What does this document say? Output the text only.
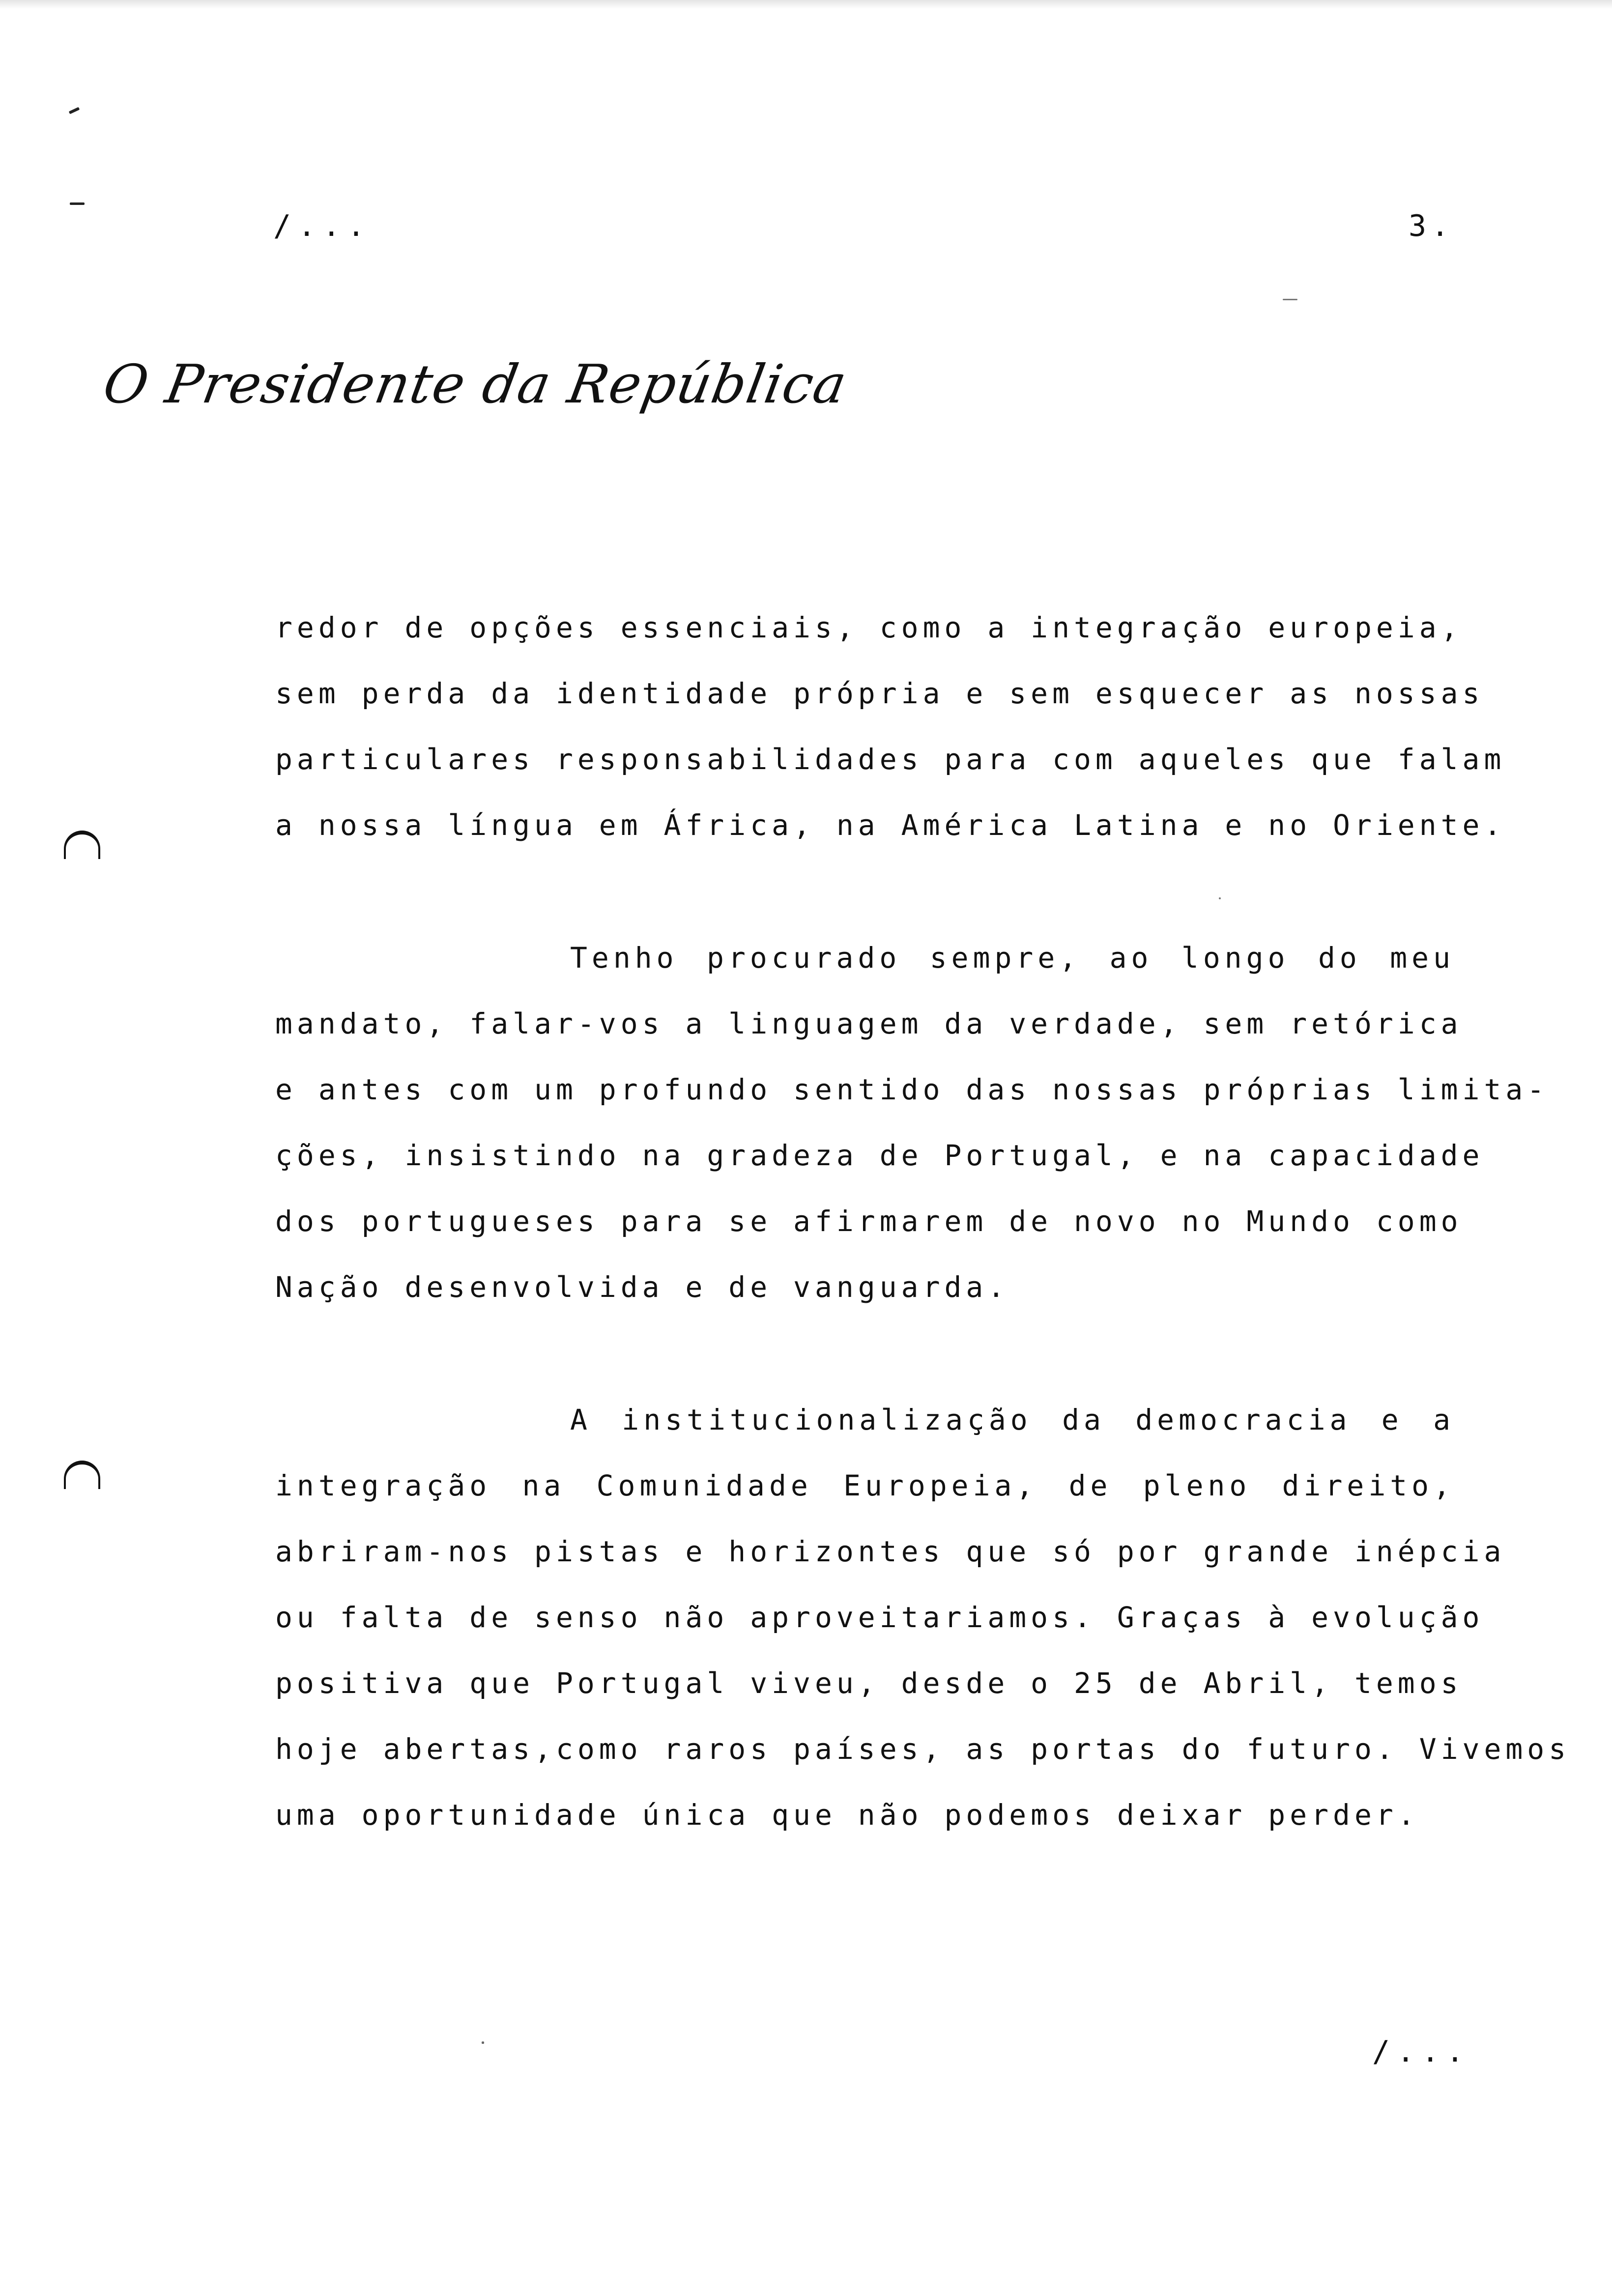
/...	3.
O Presidente da República
redor de opções essenciais, como a integração europeia,
sem perda da identidade própria e sem esquecer as nossas
particulares responsabilidades para com aqueles que falam
a nossa língua em África, na América Latina e no Oriente.
Tenho procurado sempre, ao longo do meu
mandato, falar-vos a linguagem da verdade, sem retórica
e antes com um profundo sentido das nossas próprias limita-
ções, insistindo na gradeza de Portugal, e na capacidade
dos portugueses para se afirmarem de novo no Mundo como
Nação desenvolvida e de vanguarda.
A institucionalização da democracia e a
integração na Comunidade Europeia, de pleno direito,
abriram-nos pistas e horizontes que só por grande inépcia
ou falta de senso não aproveitariamos. Graças à evolução
positiva que Portugal viveu, desde o 25 de Abril, temos
hoje abertas,como raros países, as portas do futuro. Vivemos
uma oportunidade única que não podemos deixar perder.
/...
